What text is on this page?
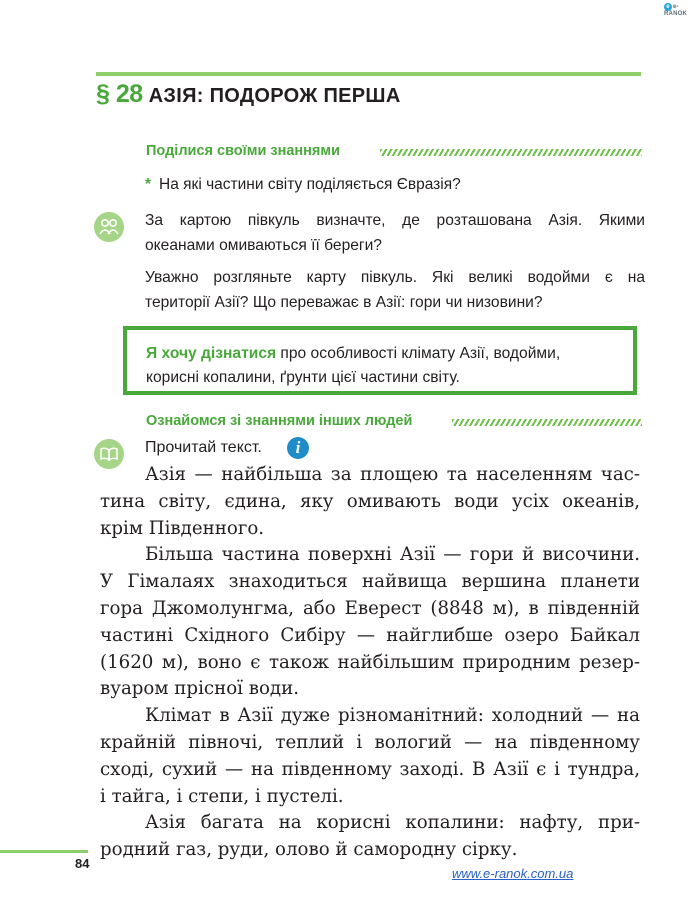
e e-RANOK
§ 28 АЗІЯ: ПОДОРОЖ ПЕРША
Поділися своїми знаннями
* На які частини світу поділяється Євразія?
За картою півкуль визначте, де розташована Азія. Якими
океанами омиваються її береги?
Уважно розгляньте карту півкуль. Які великі водойми є на
території Азії? Що переважає в Азії: гори чи низовини?
Я хочу дізнатися про особливості клімату Азії, водойми,
корисні копалини, ґрунти цієї частини світу.
Ознайомся зі знаннями інших людей
Прочитай текст.	i
Азія — найбільша за площею та населенням час-
тина світу, єдина, яку омивають води усіх океанів,
крім Південного.
Більша частина поверхні Азії — гори й височини.
У Гімалаях знаходиться найвища вершина планети
гора Джомолунгма, або Еверест (8848 м), в південній
частині Східного Сибіру — найглибше озеро Байкал
(1620 м), воно є також найбільшим природним резер-
вуаром прісної води.
Клімат в Азії дуже різноманітний: холодний — на
крайній півночі, теплий і вологий — на південному
сході, сухий — на південному заході. В Азії є і тундра,
і тайга, і степи, і пустелі.
Азія багата на корисні копалини: нафту, при-
родний газ, руди, олово й самородну сірку.
84
www.e-ranok.com.ua
